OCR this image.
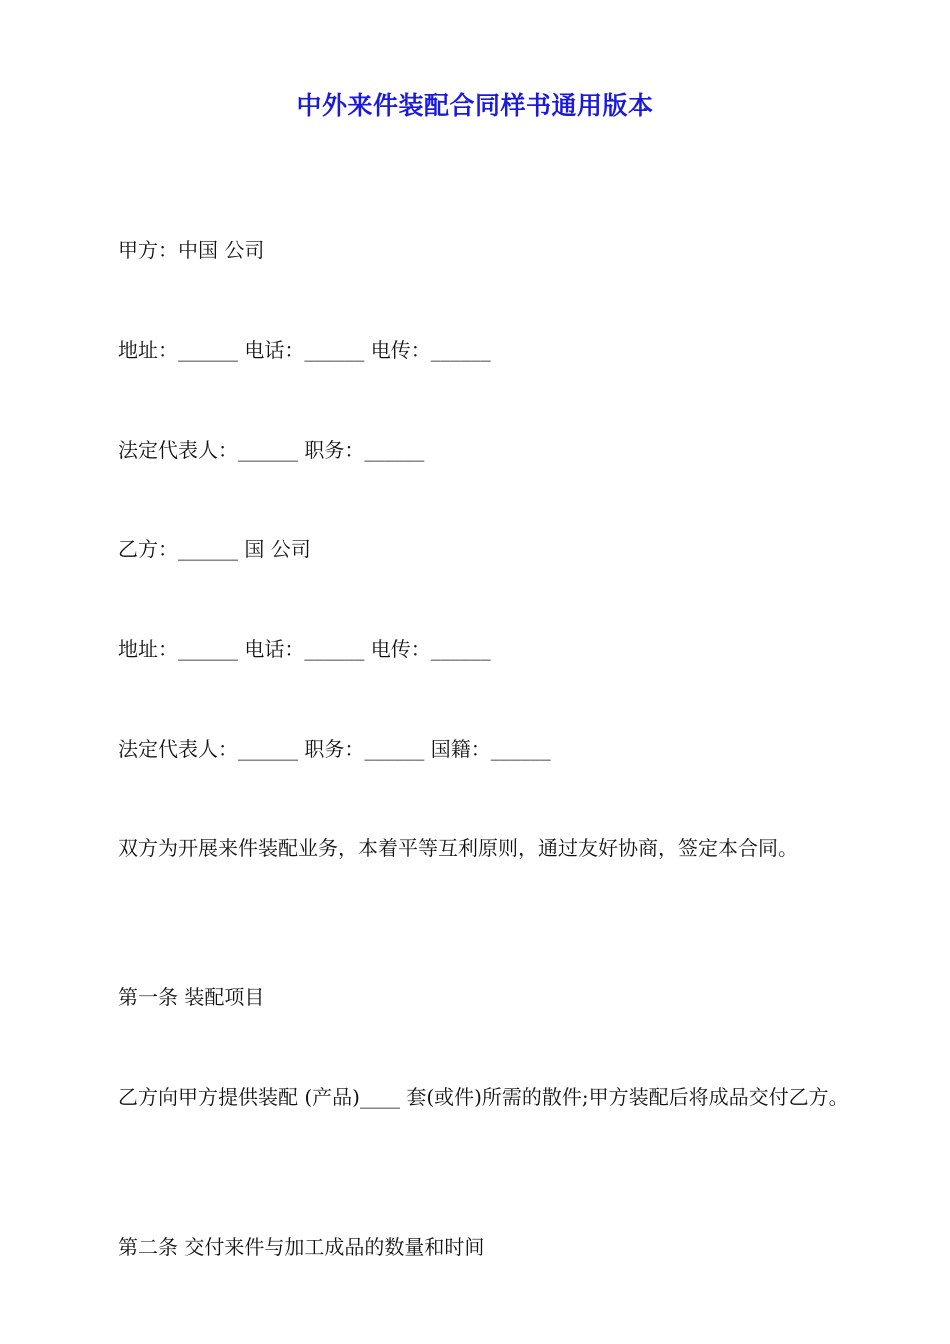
中外来件装配合同样书通用版本
甲方：中国 公司
地址：______ 电话：______ 电传：______
法定代表人：______ 职务：______
乙方：______ 国 公司
地址：______ 电话：______ 电传：______
法定代表人：______ 职务：______ 国籍：______
双方为开展来件装配业务，本着平等互利原则，通过友好协商，签定本合同。
第一条 装配项目
乙方向甲方提供装配 (产品)____ 套(或件)所需的散件;甲方装配后将成品交付乙方。
第二条 交付来件与加工成品的数量和时间
